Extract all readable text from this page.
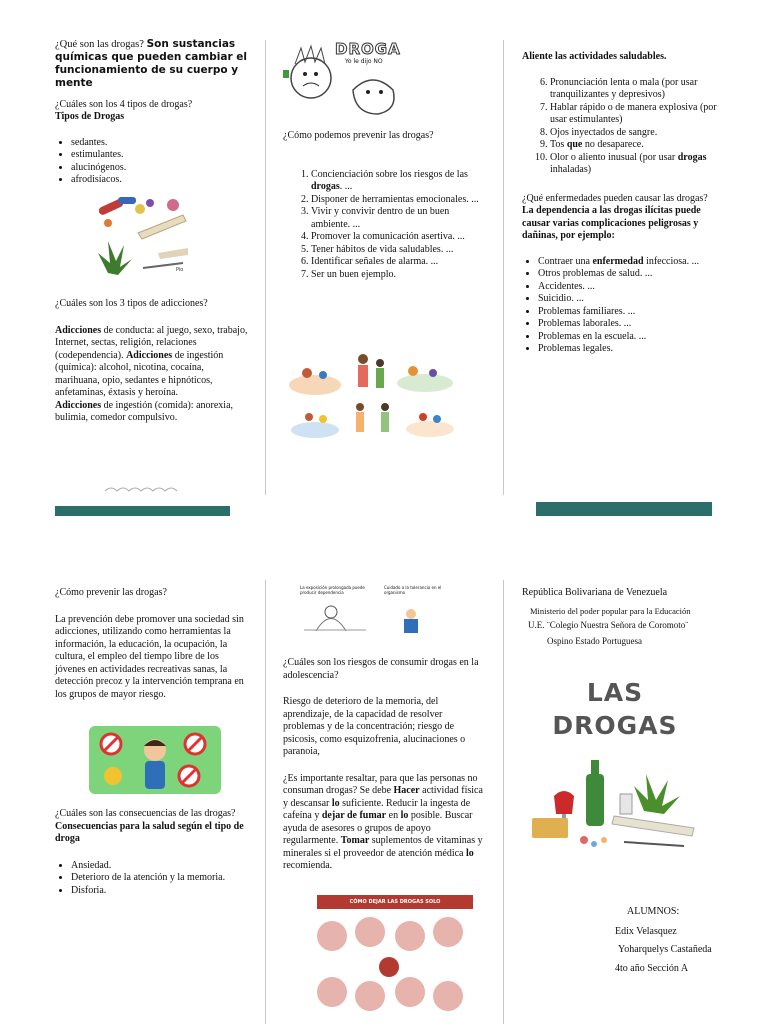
¿Qué son las drogas? Son sustancias químicas que pueden cambiar el funcionamiento de su cuerpo y mente
¿Cuáles son los 4 tipos de drogas?
Tipos de Drogas
• sedantes.
• estimulantes.
• alucinógenos.
• afrodisíacos.
Pio
¿Cuáles son los 3 tipos de adicciones?
Adicciones de conducta: al juego, sexo, trabajo, Internet, sectas, religión, relaciones (codependencia). Adicciones de ingestión (química): alcohol, nicotina, cocaína, marihuana, opio, sedantes e hipnóticos, anfetaminas, éxtasis y heroína.
Adicciones de ingestión (comida): anorexia, bulimia, comedor compulsivo.
DROGA
Yo le dijo NO
¿Cómo podemos prevenir las drogas?
1. Concienciación sobre los riesgos de las drogas. ...
2. Disponer de herramientas emocionales. ...
3. Vivir y convivir dentro de un buen ambiente. ...
4. Promover la comunicación asertiva. ...
5. Tener hábitos de vida saludables. ...
6. Identificar señales de alarma. ...
7. Ser un buen ejemplo.
Aliente las actividades saludables.
6. Pronunciación lenta o mala (por usar tranquilizantes y depresivos)
7. Hablar rápido o de manera explosiva (por usar estimulantes)
8. Ojos inyectados de sangre.
9. Tos que no desaparece.
10. Olor o aliento inusual (por usar drogas inhaladas)
¿Qué enfermedades pueden causar las drogas?
La dependencia a las drogas ilícitas puede causar varias complicaciones peligrosas y dañinas, por ejemplo:
• Contraer una enfermedad infecciosa. ...
• Otros problemas de salud. ...
• Accidentes. ...
• Suicidio. ...
• Problemas familiares. ...
• Problemas laborales. ...
• Problemas en la escuela. ...
• Problemas legales.
¿Cómo prevenir las drogas?
La prevención debe promover una sociedad sin adicciones, utilizando como herramientas la información, la educación, la ocupación, la cultura, el empleo del tiempo libre de los jóvenes en actividades recreativas sanas, la detección precoz y la intervención temprana en los grupos de mayor riesgo.
¿Cuáles son las consecuencias de las drogas?
Consecuencias para la salud según el tipo de droga
• Ansiedad.
• Deterioro de la atención y la memoria.
• Disforia.
La exposición prolongada puede producir dependencia
Cuidado a la tolerancia en el organismo
¿Cuáles son los riesgos de consumir drogas en la adolescencia?
Riesgo de deterioro de la memoria, del aprendizaje, de la capacidad de resolver problemas y de la concentración; riesgo de psicosis, como esquizofrenia, alucinaciones o paranoia,
¿Es importante resaltar, para que las personas no consuman drogas? Se debe Hacer actividad física y descansar lo suficiente. Reducir la ingesta de cafeína y dejar de fumar en lo posible. Buscar ayuda de asesores o grupos de apoyo regularmente. Tomar suplementos de vitaminas y minerales si el proveedor de atención médica lo recomienda.
CÓMO DEJAR LAS DROGAS SOLO
República Bolivariana de Venezuela
Ministerio del poder popular para la Educación
U.E. ¨Colegio Nuestra Señora de Coromoto¨
Ospino Estado Portuguesa
LAS
DROGAS
ALUMNOS:
Edix Velasquez
Yoharquelys Castañeda
4to año Sección A
